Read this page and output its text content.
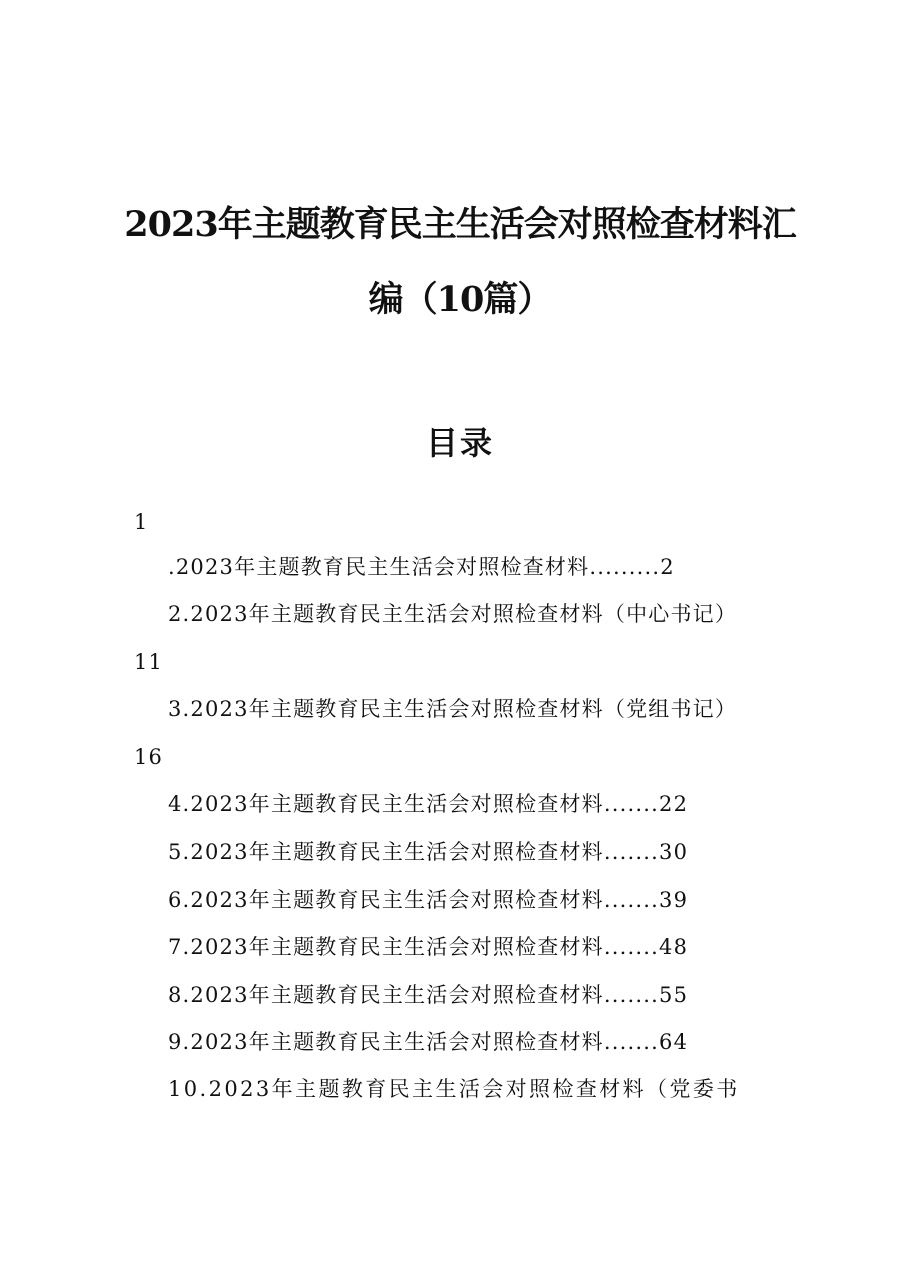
2023年主题教育民主生活会对照检查材料汇
编（10篇）
目录
1
.2023年主题教育民主生活会对照检查材料.........2
2.2023年主题教育民主生活会对照检查材料（中心书记）
11
3.2023年主题教育民主生活会对照检查材料（党组书记）
16
4.2023年主题教育民主生活会对照检查材料.......22
5.2023年主题教育民主生活会对照检查材料.......30
6.2023年主题教育民主生活会对照检查材料.......39
7.2023年主题教育民主生活会对照检查材料.......48
8.2023年主题教育民主生活会对照检查材料.......55
9.2023年主题教育民主生活会对照检查材料.......64
10.2023年主题教育民主生活会对照检查材料（党委书
